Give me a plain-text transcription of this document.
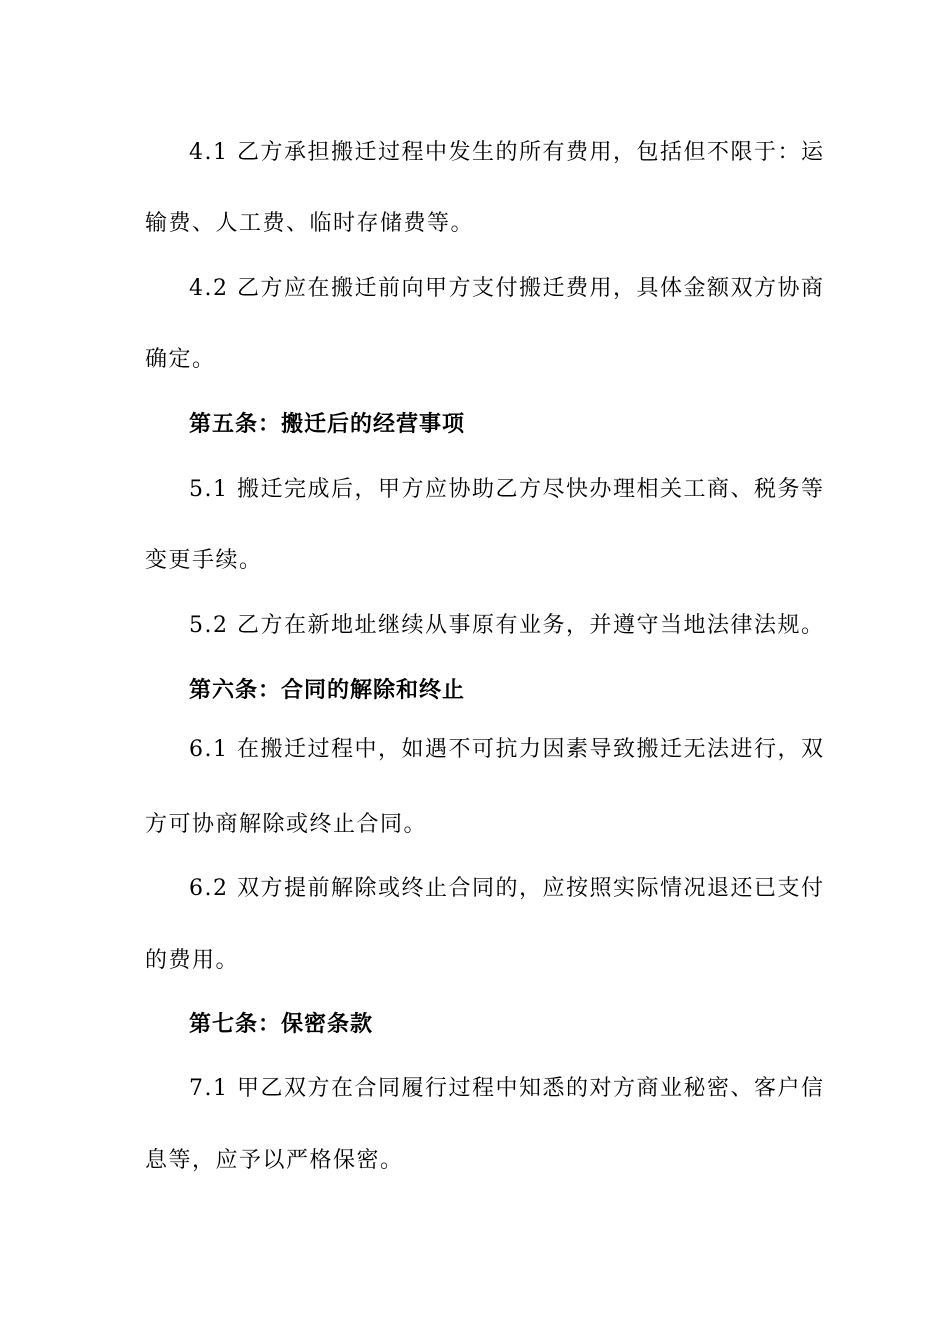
4.1 乙方承担搬迁过程中发生的所有费用，包括但不限于：运
输费、人工费、临时存储费等。
4.2 乙方应在搬迁前向甲方支付搬迁费用，具体金额双方协商
确定。
第五条：搬迁后的经营事项
5.1 搬迁完成后，甲方应协助乙方尽快办理相关工商、税务等
变更手续。
5.2 乙方在新地址继续从事原有业务，并遵守当地法律法规。
第六条：合同的解除和终止
6.1 在搬迁过程中，如遇不可抗力因素导致搬迁无法进行，双
方可协商解除或终止合同。
6.2 双方提前解除或终止合同的，应按照实际情况退还已支付
的费用。
第七条：保密条款
7.1 甲乙双方在合同履行过程中知悉的对方商业秘密、客户信
息等，应予以严格保密。
